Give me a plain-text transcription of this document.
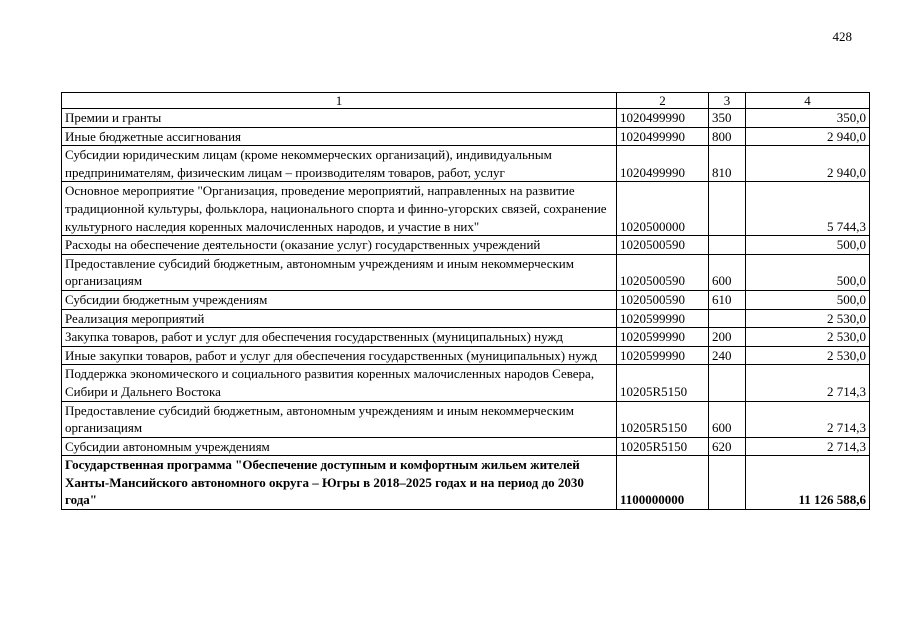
428
1	2	3	4
Премии и гранты	1020499990	350	350,0
Иные бюджетные ассигнования	1020499990	800	2 940,0
Субсидии юридическим лицам (кроме некоммерческих организаций), индивидуальным предпринимателям, физическим лицам – производителям товаров, работ, услуг	1020499990	810	2 940,0
Основное мероприятие "Организация, проведение мероприятий, направленных на развитие традиционной культуры, фольклора, национального спорта и финно-угорских связей, сохранение культурного наследия коренных малочисленных народов, и участие в них"	1020500000		5 744,3
Расходы на обеспечение деятельности (оказание услуг) государственных учреждений	1020500590		500,0
Предоставление субсидий бюджетным, автономным учреждениям и иным некоммерческим организациям	1020500590	600	500,0
Субсидии бюджетным учреждениям	1020500590	610	500,0
Реализация мероприятий	1020599990		2 530,0
Закупка товаров, работ и услуг для обеспечения государственных (муниципальных) нужд	1020599990	200	2 530,0
Иные закупки товаров, работ и услуг для обеспечения государственных (муниципальных) нужд	1020599990	240	2 530,0
Поддержка экономического и социального развития коренных малочисленных народов Севера, Сибири и Дальнего Востока	10205R5150		2 714,3
Предоставление субсидий бюджетным, автономным учреждениям и иным некоммерческим организациям	10205R5150	600	2 714,3
Субсидии автономным учреждениям	10205R5150	620	2 714,3
Государственная программа "Обеспечение доступным и комфортным жильем жителей Ханты-Мансийского автономного округа – Югры в 2018–2025 годах и на период до 2030 года"	1100000000		11 126 588,6
